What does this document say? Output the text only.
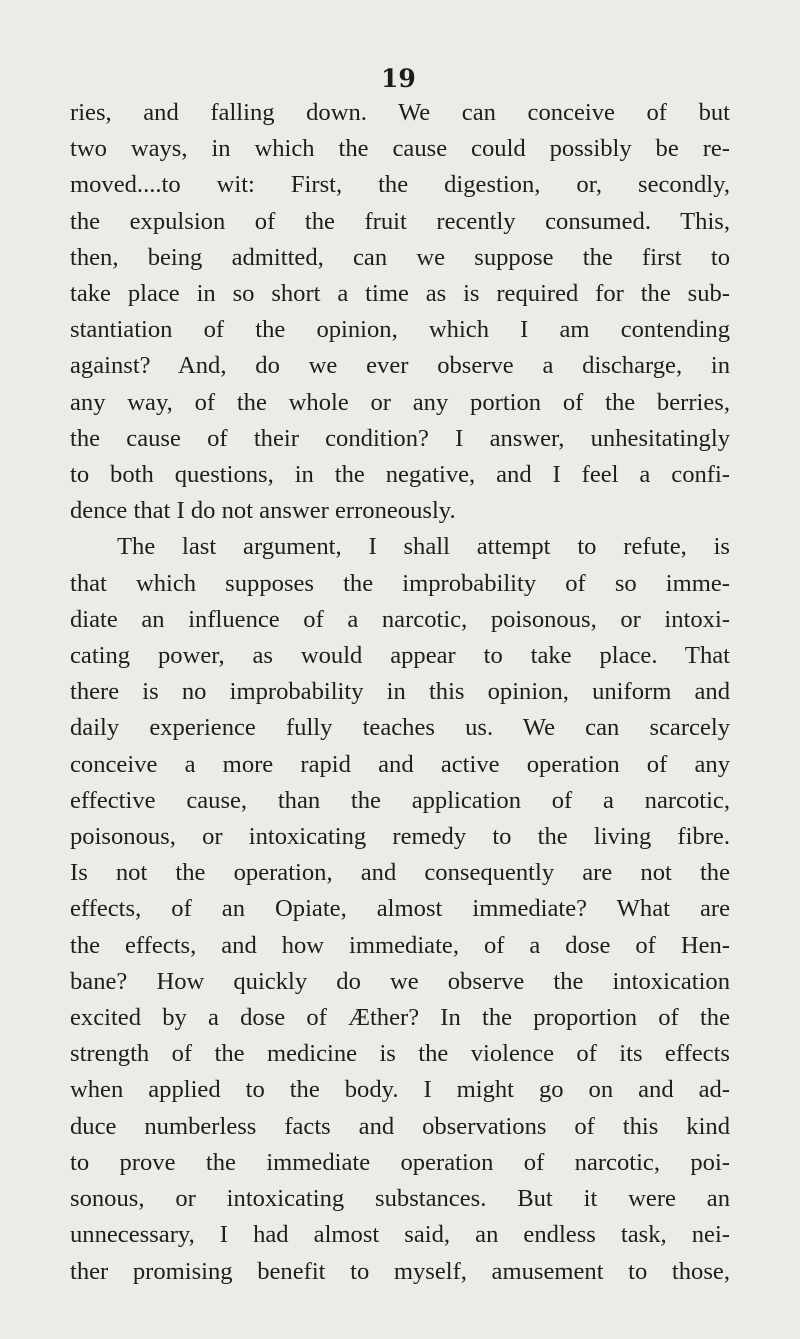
19
ries, and falling down. We can conceive of but
two ways, in which the cause could possibly be re-
moved....to wit: First, the digestion, or, secondly,
the expulsion of the fruit recently consumed. This,
then, being admitted, can we suppose the first to
take place in so short a time as is required for the sub-
stantiation of the opinion, which I am contending
against? And, do we ever observe a discharge, in
any way, of the whole or any portion of the berries,
the cause of their condition? I answer, unhesitatingly
to both questions, in the negative, and I feel a confi-
dence that I do not answer erroneously.
The last argument, I shall attempt to refute, is
that which supposes the improbability of so imme-
diate an influence of a narcotic, poisonous, or intoxi-
cating power, as would appear to take place. That
there is no improbability in this opinion, uniform and
daily experience fully teaches us. We can scarcely
conceive a more rapid and active operation of any
effective cause, than the application of a narcotic,
poisonous, or intoxicating remedy to the living fibre.
Is not the operation, and consequently are not the
effects, of an Opiate, almost immediate? What are
the effects, and how immediate, of a dose of Hen-
bane? How quickly do we observe the intoxication
excited by a dose of Æther? In the proportion of the
strength of the medicine is the violence of its effects
when applied to the body. I might go on and ad-
duce numberless facts and observations of this kind
to prove the immediate operation of narcotic, poi-
sonous, or intoxicating substances. But it were an
unnecessary, I had almost said, an endless task, nei-
ther promising benefit to myself, amusement to those,
